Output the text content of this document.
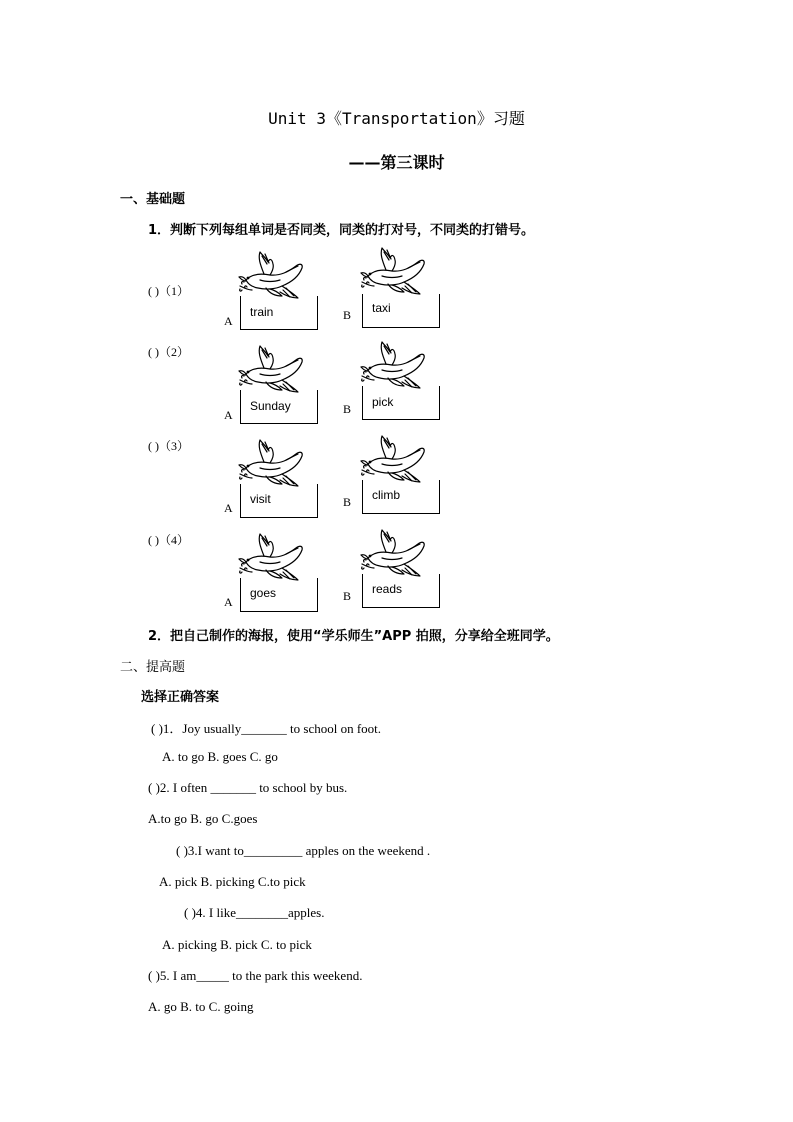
Unit 3《Transportation》习题
——第三课时
一、基础题
1．判断下列每组单词是否同类，同类的打对号，不同类的打错号。
( )（1）
train	taxi
A	B
( )（2）
Sunday	pick
A	B
( )（3）
visit	climb
A	B
( )（4）
goes	reads
A	B
2．把自己制作的海报，使用“学乐师生”APP 拍照，分享给全班同学。
二、提高题
选择正确答案
( )1．Joy usually_______ to school on foot.
A. to go B. goes C. go
( )2. I often _______ to school by bus.
A.to go B. go C.goes
( )3.I want to_________ apples on the weekend .
A. pick B. picking C.to pick
( )4. I like________apples.
A. picking B. pick C. to pick
( )5. I am_____ to the park this weekend.
A. go B. to C. going
